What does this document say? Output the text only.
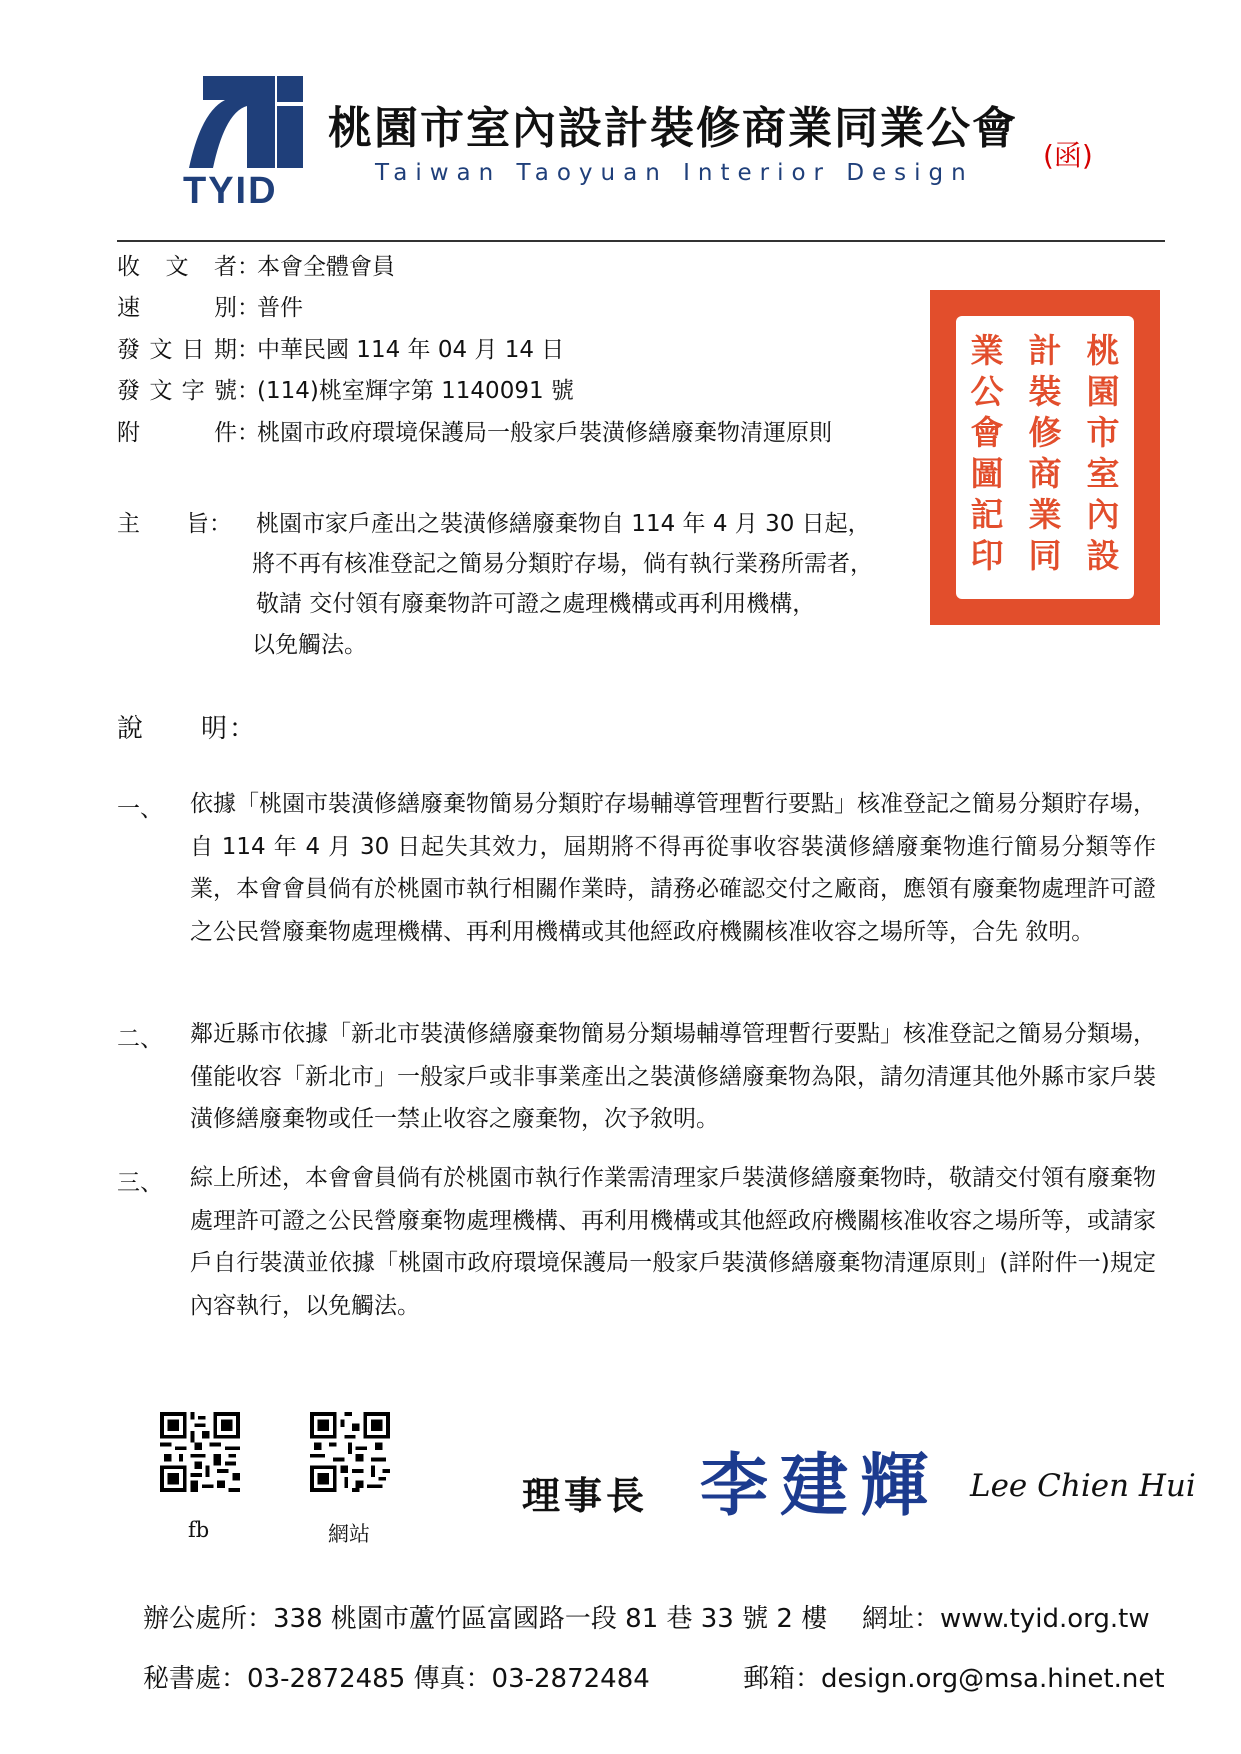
TYID
桃園市室內設計裝修商業同業公會
Taiwan Taoyuan Interior Design
(函)
收文者：本會全體會員
速別：普件
發文日期：中華民國 114 年 04 月 14 日
發文字號：(114)桃室輝字第 1140091 號
附件：桃園市政府環境保護局一般家戶裝潢修繕廢棄物清運原則
桃
園
市
室
內
設
計
裝
修
商
業
同
業
公
會
圖
記
印
主　　旨： 桃園市家戶產出之裝潢修繕廢棄物自 114 年 4 月 30 日起，
將不再有核准登記之簡易分類貯存場，倘有執行業務所需者，
敬請 交付領有廢棄物許可證之處理機構或再利用機構，
以免觸法。
說　　明：
一、 依據「桃園市裝潢修繕廢棄物簡易分類貯存場輔導管理暫行要點」核准登記之簡易分類貯存場，自 114 年 4 月 30 日起失其效力，屆期將不得再從事收容裝潢修繕廢棄物進行簡易分類等作業，本會會員倘有於桃園市執行相關作業時，請務必確認交付之廠商，應領有廢棄物處理許可證之公民營廢棄物處理機構、再利用機構或其他經政府機關核准收容之場所等，合先 敘明。
二、 鄰近縣市依據「新北市裝潢修繕廢棄物簡易分類場輔導管理暫行要點」核准登記之簡易分類場，僅能收容「新北市」一般家戶或非事業產出之裝潢修繕廢棄物為限，請勿清運其他外縣市家戶裝潢修繕廢棄物或任一禁止收容之廢棄物，次予敘明。
三、 綜上所述，本會會員倘有於桃園市執行作業需清理家戶裝潢修繕廢棄物時，敬請交付領有廢棄物處理許可證之公民營廢棄物處理機構、再利用機構或其他經政府機關核准收容之場所等，或請家戶自行裝潢並依據「桃園市政府環境保護局一般家戶裝潢修繕廢棄物清運原則」(詳附件一)規定內容執行，以免觸法。
fb	網站
理事長 李建輝 Lee Chien Hui
辦公處所：338 桃園市蘆竹區富國路一段 81 巷 33 號 2 樓 網址：www.tyid.org.tw
秘書處：03-2872485 傳真：03-2872484	郵箱：design.org@msa.hinet.net
